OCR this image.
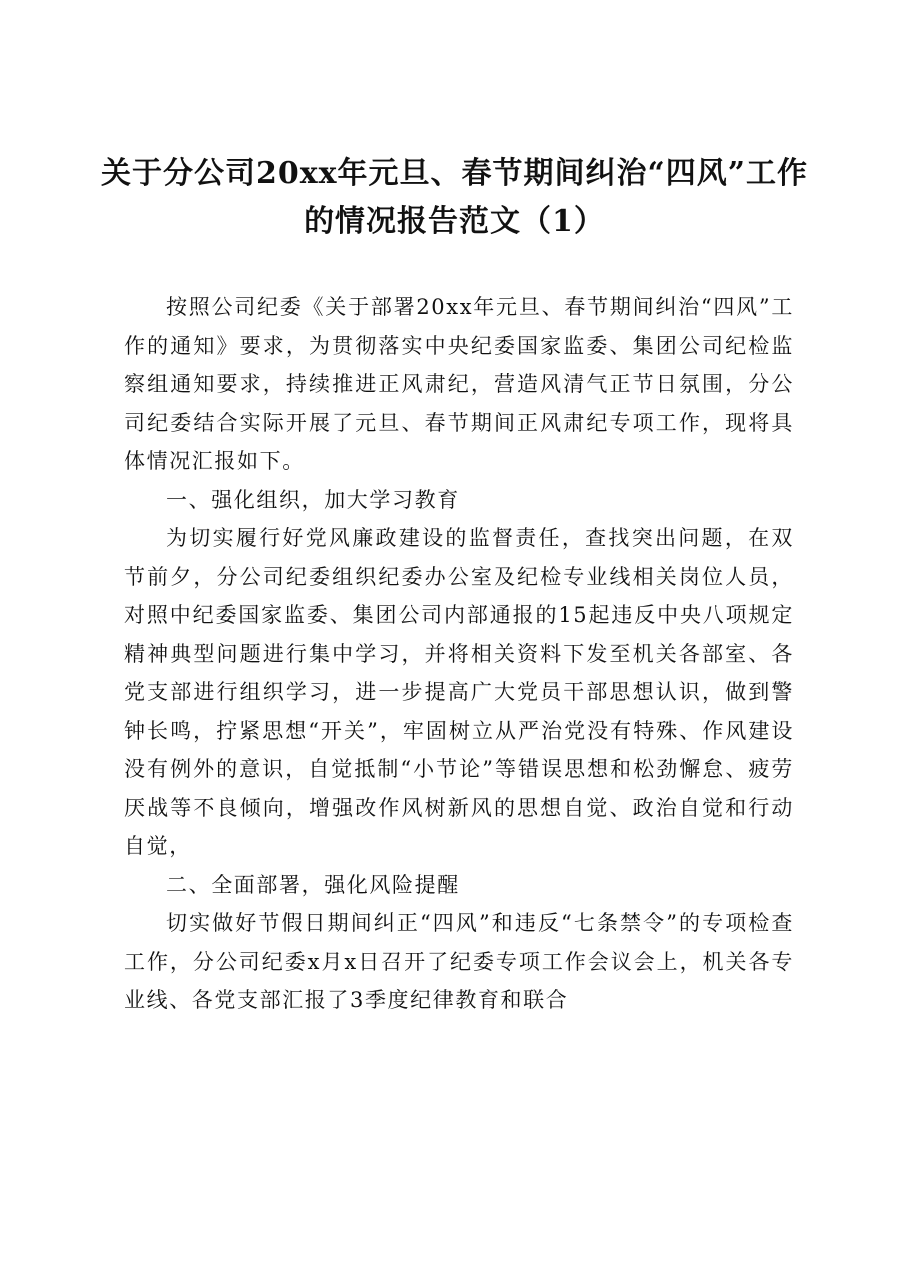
关于分公司20xx年元旦、春节期间纠治“四风”工作的情况报告范文（1）

按照公司纪委《关于部署20xx年元旦、春节期间纠治“四风”工作的通知》要求，为贯彻落实中央纪委国家监委、集团公司纪检监察组通知要求，持续推进正风肃纪，营造风清气正节日氛围，分公司纪委结合实际开展了元旦、春节期间正风肃纪专项工作，现将具体情况汇报如下。

一、强化组织，加大学习教育

为切实履行好党风廉政建设的监督责任，查找突出问题，在双节前夕，分公司纪委组织纪委办公室及纪检专业线相关岗位人员，对照中纪委国家监委、集团公司内部通报的15起违反中央八项规定精神典型问题进行集中学习，并将相关资料下发至机关各部室、各党支部进行组织学习，进一步提高广大党员干部思想认识，做到警钟长鸣，拧紧思想“开关”，牢固树立从严治党没有特殊、作风建设没有例外的意识，自觉抵制“小节论”等错误思想和松劲懈怠、疲劳厌战等不良倾向，增强改作风树新风的思想自觉、政治自觉和行动自觉，

二、全面部署，强化风险提醒

切实做好节假日期间纠正“四风”和违反“七条禁令”的专项检查工作，分公司纪委x月x日召开了纪委专项工作会议会上，机关各专业线、各党支部汇报了3季度纪律教育和联合
